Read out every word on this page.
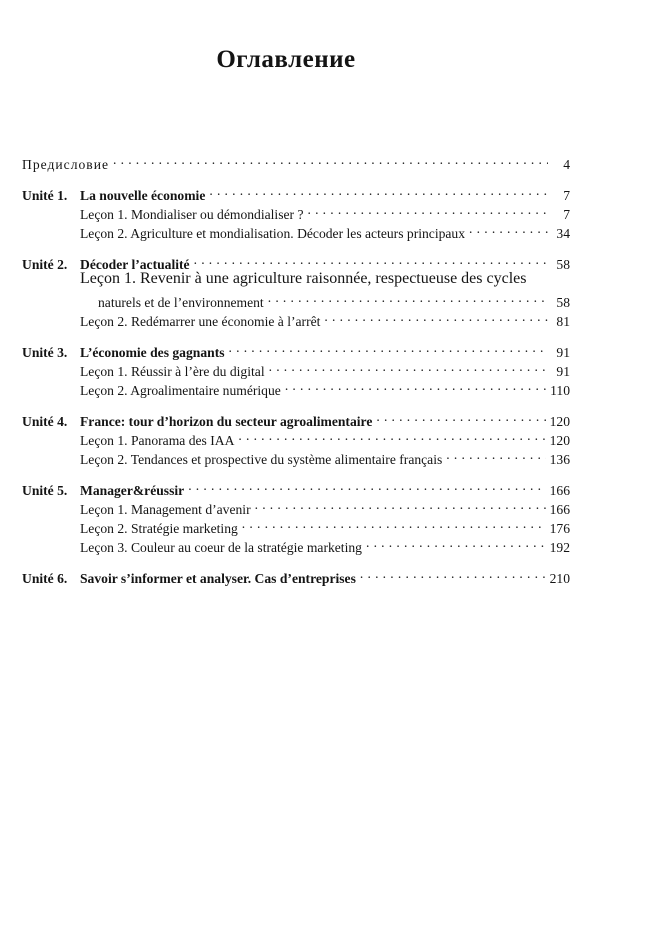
Оглавление
Предисловие . . .	4
Unité 1. La nouvelle économie . . .	7
Leçon 1. Mondialiser ou démondialiser ? . . .	7
Leçon 2. Agriculture et mondialisation. Décoder les acteurs principaux . . .	34
Unité 2. Décoder l’actualité . . .	58
Leçon 1. Revenir à une agriculture raisonnée, respectueuse des cycles
naturels et de l’environnement . . .	58
Leçon 2. Redémarrer une économie à l’arrêt . . .	81
Unité 3. L’économie des gagnants . . .	91
Leçon 1. Réussir à l’ère du digital . . .	91
Leçon 2. Agroalimentaire numérique . . .	110
Unité 4. France: tour d’horizon du secteur agroalimentaire . . .	120
Leçon 1. Panorama des IAA . . .	120
Leçon 2. Tendances et prospective du système alimentaire français . . .	136
Unité 5. Manager&réussir . . .	166
Leçon 1. Management d’avenir . . .	166
Leçon 2. Stratégie marketing . . .	176
Leçon 3. Couleur au coeur de la stratégie marketing . . .	192
Unité 6. Savoir s’informer et analyser. Cas d’entreprises . . .	210
